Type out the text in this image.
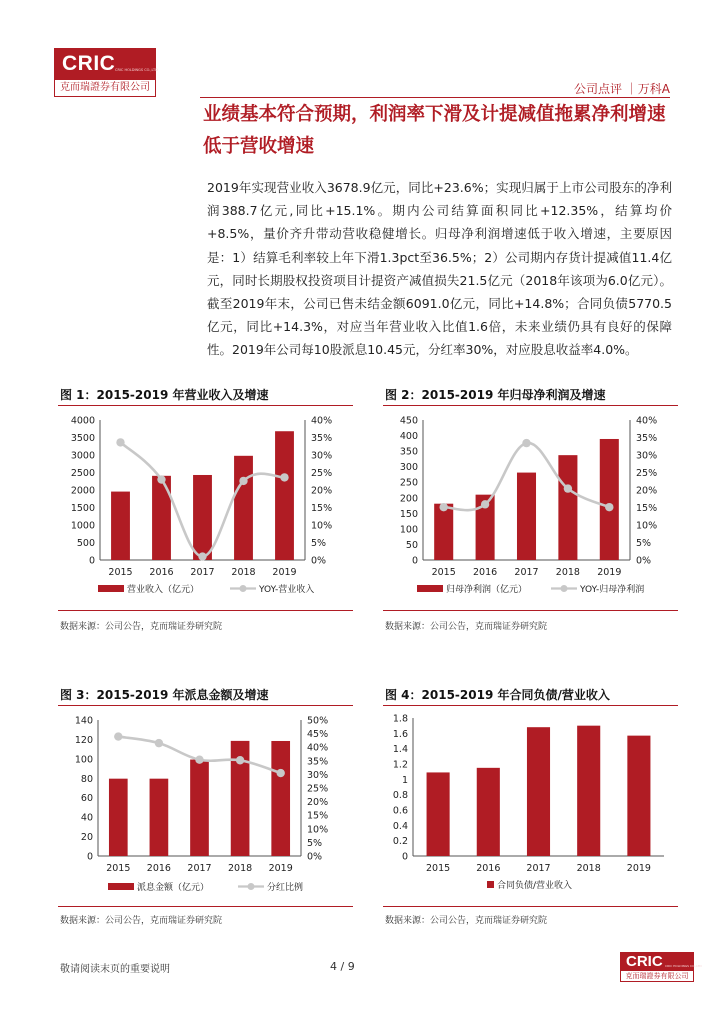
CRIC CRIC HOLDINGS CO.,LTD
克而瑞證券有限公司	公司点评 ｜万科A
业绩基本符合预期，利润率下滑及计提减值拖累净利增速低于营收增速

2019年实现营业收入3678.9亿元，同比+23.6%；实现归属于上市公司股东的净利润388.7亿元,同比+15.1%。期内公司结算面积同比+12.35%，结算均价+8.5%，量价齐升带动营收稳健增长。归母净利润增速低于收入增速，主要原因是：1）结算毛利率较上年下滑1.3pct至36.5%；2）公司期内存货计提减值11.4亿元，同时长期股权投资项目计提资产减值损失21.5亿元（2018年该项为6.0亿元）。截至2019年末，公司已售未结金额6091.0亿元，同比+14.8%；合同负债5770.5亿元，同比+14.3%，对应当年营业收入比值1.6倍，未来业绩仍具有良好的保障性。2019年公司每10股派息10.45元，分红率30%，对应股息收益率4.0%。

图 1：2015-2019 年营业收入及增速
0
500
1000
1500
2000
2500
3000
3500
4000
0%
5%
10%
15%
20%
25%
30%
35%
40%
2015 2016 2017 2018 2019
营业收入（亿元）	YOY-营业收入
数据来源：公司公告，克而瑞证券研究院
图 2：2015-2019 年归母净利润及增速
0
50
100
150
200
250
300
350
400
450
0%
5%
10%
15%
20%
25%
30%
35%
40%
2015 2016 2017 2018 2019
归母净利润（亿元）	YOY-归母净利润
数据来源：公司公告，克而瑞证券研究院
图 3：2015-2019 年派息金额及增速
0
20
40
60
80
100
120
140
0%
5%
10%
15%
20%
25%
30%
35%
40%
45%
50%
2015 2016 2017 2018 2019
派息金额（亿元）	分红比例
数据来源：公司公告，克而瑞证券研究院
图 4：2015-2019 年合同负债/营业收入
0
0.2
0.4
0.6
0.8
1
1.2
1.4
1.6
1.8
2015	2016	2017	2018	2019
合同负债/营业收入
数据来源：公司公告，克而瑞证券研究院
敬请阅读末页的重要说明	4 / 9	CRIC CRIC HOLDINGS CO.,LTD
克而瑞證券有限公司
